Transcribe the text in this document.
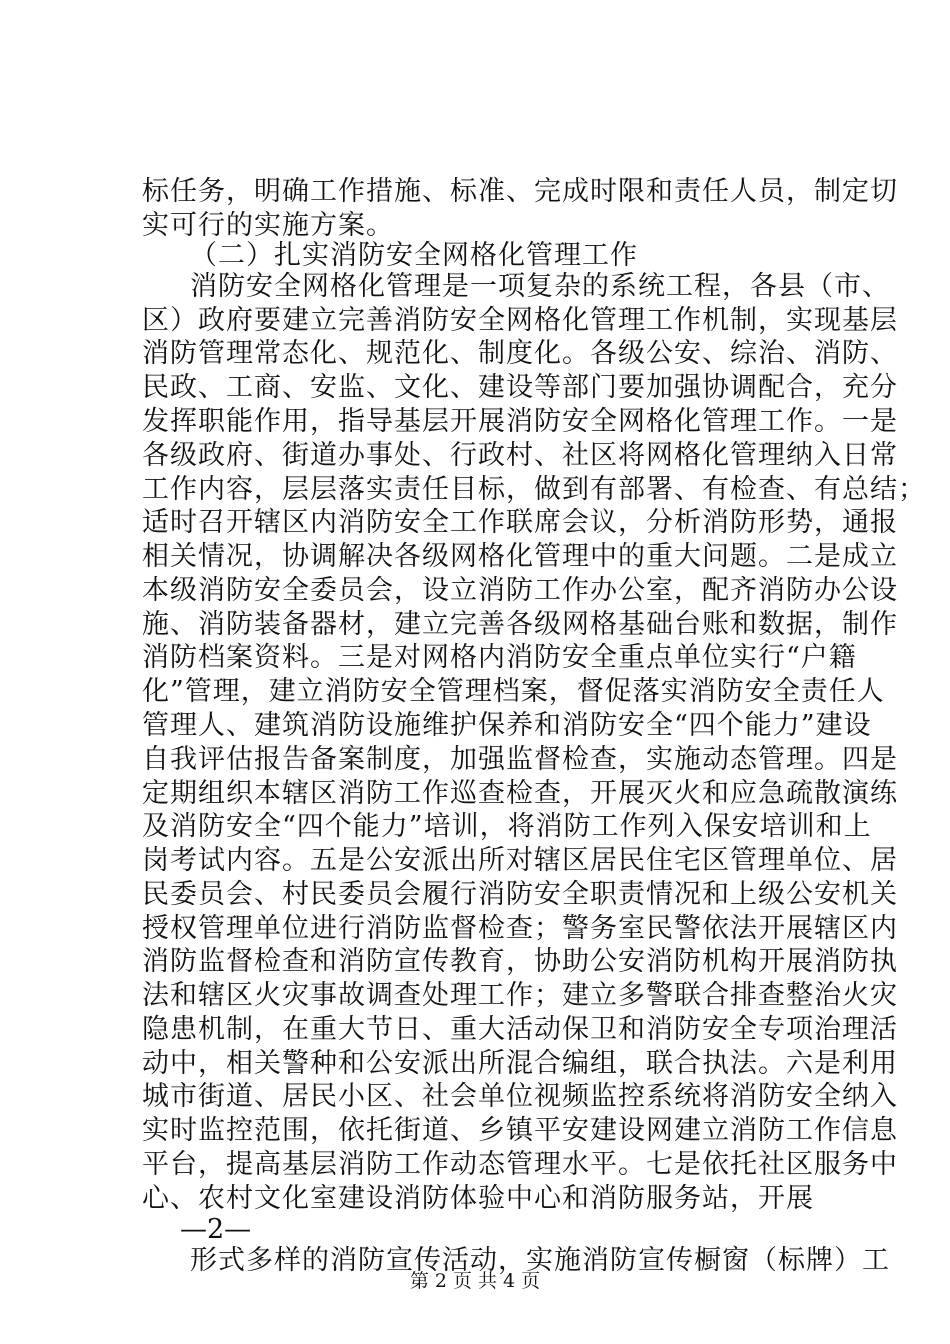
标任务，明确工作措施、标准、完成时限和责任人员，制定切
实可行的实施方案。
（二）扎实消防安全网格化管理工作
消防安全网格化管理是一项复杂的系统工程，各县（市、
区）政府要建立完善消防安全网格化管理工作机制，实现基层
消防管理常态化、规范化、制度化。各级公安、综治、消防、
民政、工商、安监、文化、建设等部门要加强协调配合，充分
发挥职能作用，指导基层开展消防安全网格化管理工作。一是
各级政府、街道办事处、行政村、社区将网格化管理纳入日常
工作内容，层层落实责任目标，做到有部署、有检查、有总结；
适时召开辖区内消防安全工作联席会议，分析消防形势，通报
相关情况，协调解决各级网格化管理中的重大问题。二是成立
本级消防安全委员会，设立消防工作办公室，配齐消防办公设
施、消防装备器材，建立完善各级网格基础台账和数据，制作
消防档案资料。三是对网格内消防安全重点单位实行“户籍
化”管理，建立消防安全管理档案，督促落实消防安全责任人
管理人、建筑消防设施维护保养和消防安全“四个能力”建设
自我评估报告备案制度，加强监督检查，实施动态管理。四是
定期组织本辖区消防工作巡查检查，开展灭火和应急疏散演练
及消防安全“四个能力”培训，将消防工作列入保安培训和上
岗考试内容。五是公安派出所对辖区居民住宅区管理单位、居
民委员会、村民委员会履行消防安全职责情况和上级公安机关
授权管理单位进行消防监督检查；警务室民警依法开展辖区内
消防监督检查和消防宣传教育，协助公安消防机构开展消防执
法和辖区火灾事故调查处理工作；建立多警联合排查整治火灾
隐患机制，在重大节日、重大活动保卫和消防安全专项治理活
动中，相关警种和公安派出所混合编组，联合执法。六是利用
城市街道、居民小区、社会单位视频监控系统将消防安全纳入
实时监控范围，依托街道、乡镇平安建设网建立消防工作信息
平台，提高基层消防工作动态管理水平。七是依托社区服务中
心、农村文化室建设消防体验中心和消防服务站，开展
—2—
形式多样的消防宣传活动，实施消防宣传橱窗（标牌）工
第 2 页 共 4 页
